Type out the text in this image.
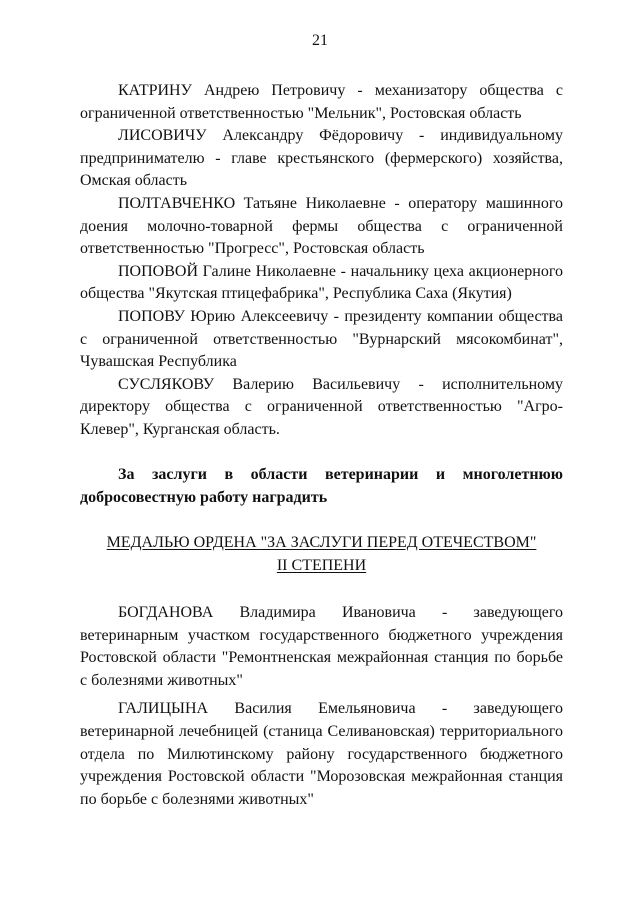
21

КАТРИНУ Андрею Петровичу - механизатору общества с ограниченной ответственностью "Мельник", Ростовская область

ЛИСОВИЧУ Александру Фёдоровичу - индивидуальному предпринимателю - главе крестьянского (фермерского) хозяйства, Омская область

ПОЛТАВЧЕНКО Татьяне Николаевне - оператору машинного доения молочно-товарной фермы общества с ограниченной ответственностью "Прогресс", Ростовская область

ПОПОВОЙ Галине Николаевне - начальнику цеха акционерного общества "Якутская птицефабрика", Республика Саха (Якутия)

ПОПОВУ Юрию Алексеевичу - президенту компании общества с ограниченной ответственностью "Вурнарский мясокомбинат", Чувашская Республика

СУСЛЯКОВУ Валерию Васильевичу - исполнительному директору общества с ограниченной ответственностью "Агро-Клевер", Курганская область.

За заслуги в области ветеринарии и многолетнюю добросовестную работу наградить
МЕДАЛЬЮ ОРДЕНА "ЗА ЗАСЛУГИ ПЕРЕД ОТЕЧЕСТВОМ"
II СТЕПЕНИ

БОГДАНОВА Владимира Ивановича - заведующего ветеринарным участком государственного бюджетного учреждения Ростовской области "Ремонтненская межрайонная станция по борьбе с болезнями животных"

ГАЛИЦЫНА Василия Емельяновича - заведующего ветеринарной лечебницей (станица Селивановская) территориального отдела по Милютинскому району государственного бюджетного учреждения Ростовской области "Морозовская межрайонная станция по борьбе с болезнями животных"
